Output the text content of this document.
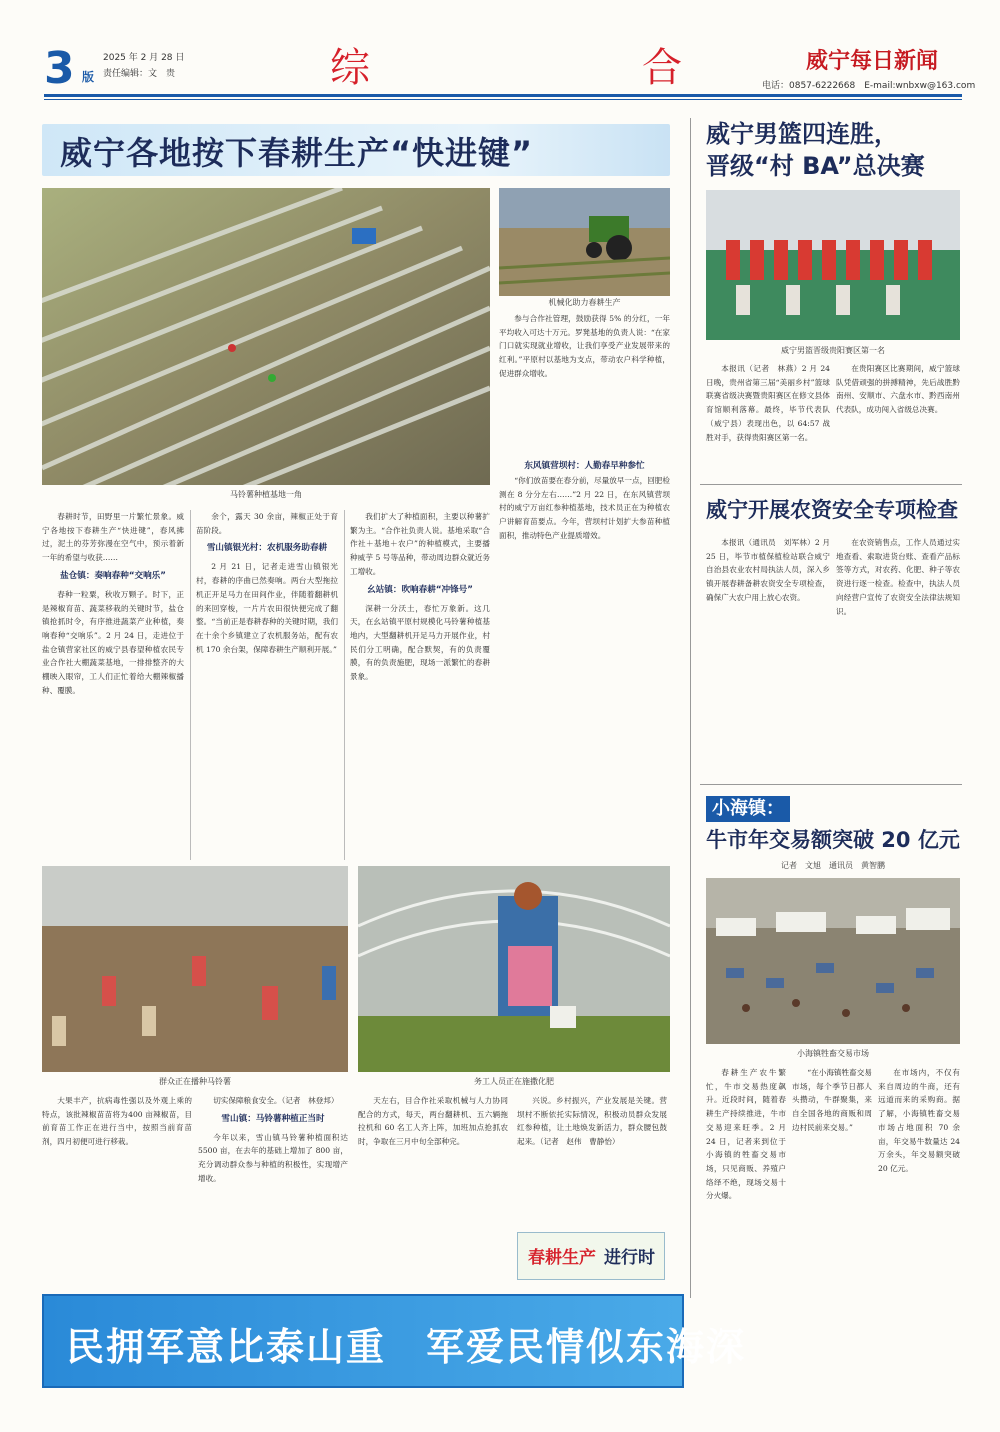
3 版
2025 年 2 月 28 日
责任编辑：文　贵	综	合	威宁每日新闻
电话：0857-6222668　E-mail:wnbxw@163.com
威宁各地按下春耕生产“快进键”
马铃薯种植基地一角
机械化助力春耕生产

参与合作社管理，鼓励获得 5% 的分红，一年平均收入可达十万元。罗凳基地的负责人说：“在家门口就实现就业增收，让我们享受产业发展带来的红利。”平原村以基地为支点，带动农户科学种植，促进群众增收。

东风镇营坝村：人勤春早种参忙

“你们放苗要在春分前，尽量放早一点，回肥检测在 8 分分左右……”2 月 22 日，在东风镇营坝村的威宁万亩红参种植基地，技术员正在为种植农户讲解育苗要点。今年，营坝村计划扩大参苗种植面积，推动特色产业提质增效。

春耕时节，田野里一片繁忙景象。威宁各地按下春耕生产“快进键”，春风拂过，泥土的芬芳弥漫在空气中，预示着新一年的希望与收获……

盐仓镇：奏响春种“交响乐”

春种一粒粟，秋收万颗子。时下，正是辣椒育苗、蔬菜移栽的关键时节，盐仓镇抢抓时令，有序推进蔬菜产业种植，奏响春种“交响乐”。2 月 24 日，走进位于盐仓镇营家社区的威宁县春望种植农民专业合作社大棚蔬菜基地，一排排整齐的大棚映入眼帘，工人们正忙着给大棚辣椒播种、覆膜。

余个，露天 30 余亩，辣椒正处于育苗阶段。

雪山镇银光村：农机服务助春耕

2 月 21 日，记者走进雪山镇银光村，春耕的序曲已然奏响。两台大型拖拉机正开足马力在田间作业，伴随着翻耕机的来回穿梭，一片片农田很快便完成了翻整。“当前正是春耕春种的关键时期，我们在十余个乡镇建立了农机服务站，配有农机 170 余台架，保障春耕生产顺利开展。”

我们扩大了种植面积，主要以种薯扩繁为主。“合作社负责人说。基地采取“合作社＋基地＋农户”的种植模式，主要播种威芋 5 号等品种，带动周边群众就近务工增收。

幺站镇：吹响春耕“冲锋号”

深耕一分沃土，春忙万象新。这几天，在幺站镇平原村规模化马铃薯种植基地内，大型翻耕机开足马力开展作业，村民们分工明确，配合默契，有的负责覆膜，有的负责施肥，现场一派繁忙的春耕景象。

群众正在播种马铃薯	务工人员正在施撒化肥

大果丰产，抗病毒性强以及外观上乘的特点，该批辣椒苗苗将为400 亩辣椒苗，目前育苗工作正在进行当中，按照当前育苗剂，四月初便可进行移栽。

切实保障粮食安全。（记者　林登邦）

雪山镇：马铃薯种植正当时

今年以来，雪山镇马铃薯种植面积达 5500 亩，在去年的基础上增加了 800 亩，充分调动群众参与种植的积极性，实现增产增收。

天左右，目合作社采取机械与人力协同配合的方式，每天，两台翻耕机、五六辆拖拉机和 60 名工人齐上阵，加班加点抢抓农时，争取在三月中旬全部种完。

兴说。乡村振兴，产业发展是关键。营坝村不断依托实际情况，积极动员群众发展红参种植，让土地焕发新活力，群众腰包鼓起来。（记者　赵伟　曹静怡）

春耕生产 进行时
民拥军意比泰山重　军爱民情似东海深
威宁男篮四连胜，
晋级“村 BA”总决赛
威宁男篮晋级贵阳赛区第一名

本报讯（记者　林燕）2 月 24 日晚，贵州省第三届“美丽乡村”篮球联赛省级决赛暨贵阳赛区在修文县体育馆顺利落幕。最终，毕节代表队（威宁县）表现出色，以 64:57 战胜对手，获得贵阳赛区第一名。

在贵阳赛区比赛期间，威宁篮球队凭借顽强的拼搏精神，先后战胜黔南州、安顺市、六盘水市、黔西南州代表队，成功闯入省级总决赛。

威宁开展农资安全专项检查

本报讯（通讯员　刘军林）2 月 25 日，毕节市植保植检站联合威宁自治县农业农村局执法人员，深入乡镇开展春耕备耕农资安全专项检查，确保广大农户用上放心农资。

在农资销售点，工作人员通过实地查看、索取进货台账、查看产品标签等方式，对农药、化肥、种子等农资进行逐一检查。检查中，执法人员向经营户宣传了农资安全法律法规知识。

小海镇：
牛市年交易额突破 20 亿元
记者　文旭　通讯员　黄智鹏
小海镇牲畜交易市场

春耕生产农牛繁忙，牛市交易热度飙升。近段时间，随着春耕生产持续推进，牛市交易迎来旺季。2 月 24 日，记者来到位于小海镇的牲畜交易市场，只见商贩、养殖户络绎不绝，现场交易十分火爆。

“在小海镇牲畜交易市场，每个季节日都人头攒动，牛群聚集，来自全国各地的商贩和周边村民前来交易。”

在市场内，不仅有来自周边的牛商，还有远道而来的采购商。据了解，小海镇牲畜交易市场占地面积 70 余亩，年交易牛数量达 24 万余头，年交易额突破 20 亿元。
